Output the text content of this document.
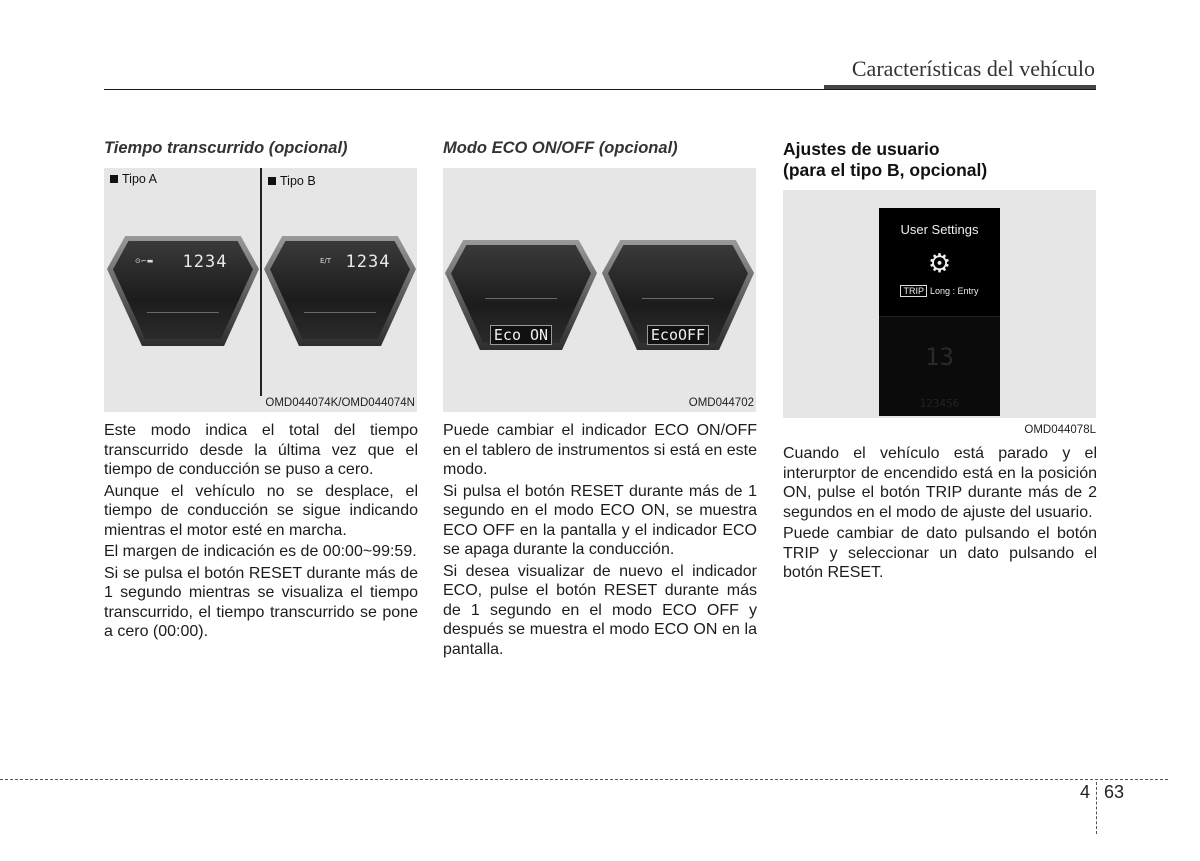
Características del vehículo
Tiempo transcurrido (opcional)
Tipo A	Tipo B
⊙⌐▬	1234	E/T 1234
OMD044074K/OMD044074N

Este modo indica el total del tiempo transcurrido desde la última vez que el tiempo de conducción se puso a cero.

Aunque el vehículo no se desplace, el tiempo de conducción se sigue indicando mientras el motor esté en marcha.

El margen de indicación es de 00:00~99:59.

Si se pulsa el botón RESET durante más de 1 segundo mientras se visualiza el tiempo transcurrido, el tiempo transcurrido se pone a cero (00:00).

Modo ECO ON/OFF (opcional)
Eco ON	EcoOFF
OMD044702

Puede cambiar el indicador ECO ON/OFF en el tablero de instrumentos si está en este modo.

Si pulsa el botón RESET durante más de 1 segundo en el modo ECO ON, se muestra ECO OFF en la pantalla y el indicador ECO se apaga durante la conducción.

Si desea visualizar de nuevo el indicador ECO, pulse el botón RESET durante más de 1 segundo en el modo ECO OFF y después se muestra el modo ECO ON en la pantalla.

Ajustes de usuario
(para el tipo B, opcional)
User Settings
⚙
TRIP Long : Entry
13
123456
OMD044078L

Cuando el vehículo está parado y el interurptor de encendido está en la posición ON, pulse el botón TRIP durante más de 2 segundos en el modo de ajuste del usuario.

Puede cambiar de dato pulsando el botón TRIP y seleccionar un dato pulsando el botón RESET.

4 63
